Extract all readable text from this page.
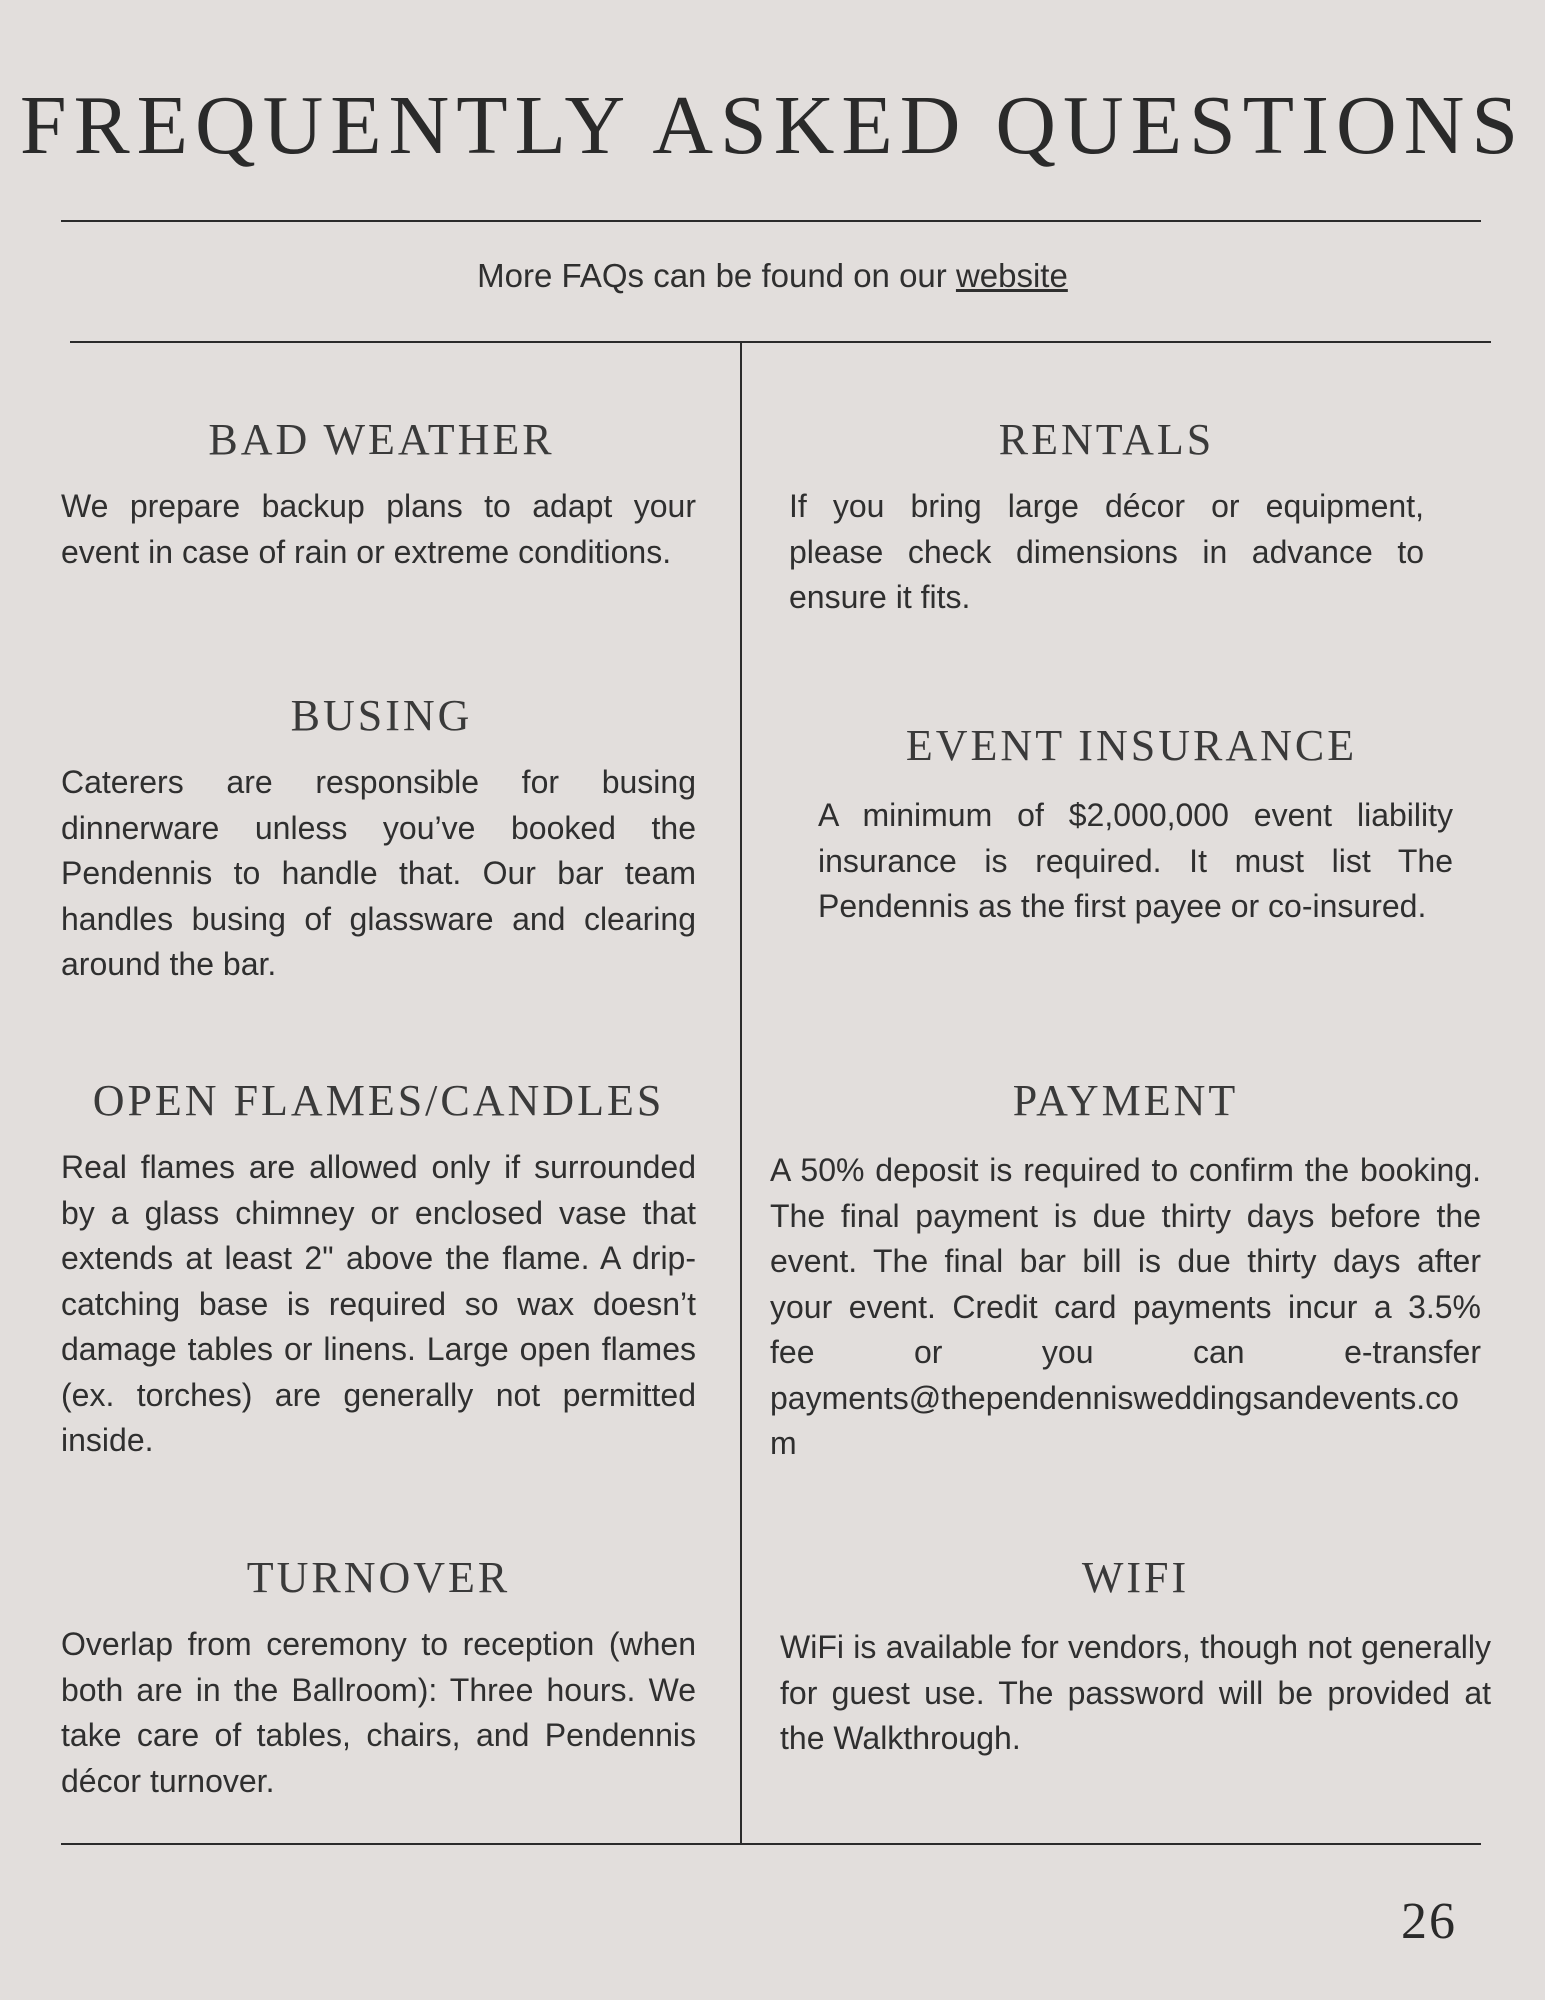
FREQUENTLY ASKED QUESTIONS
More FAQs can be found on our website
BAD WEATHER

We prepare backup plans to adapt your event in case of rain or extreme conditions.

BUSING

Caterers are responsible for busing dinnerware unless you’ve booked the Pendennis to handle that. Our bar team handles busing of glassware and clearing around the bar.

OPEN FLAMES/CANDLES

Real flames are allowed only if surrounded by a glass chimney or enclosed vase that extends at least 2" above the flame. A drip-catching base is required so wax doesn’t damage tables or linens. Large open flames (ex. torches) are generally not permitted inside.

TURNOVER

Overlap from ceremony to reception (when both are in the Ballroom): Three hours. We take care of tables, chairs, and Pendennis décor turnover.

RENTALS

If you bring large décor or equipment, please check dimensions in advance to ensure it fits.

EVENT INSURANCE

A minimum of $2,000,000 event liability insurance is required. It must list The Pendennis as the first payee or co-insured.

PAYMENT

A 50% deposit is required to confirm the booking. The final payment is due thirty days before the event. The final bar bill is due thirty days after your event. Credit card payments incur a 3.5% fee or you can e-transfer payments@thependennisweddingsandevents.com

WIFI

WiFi is available for vendors, though not generally for guest use. The password will be provided at the Walkthrough.

26
